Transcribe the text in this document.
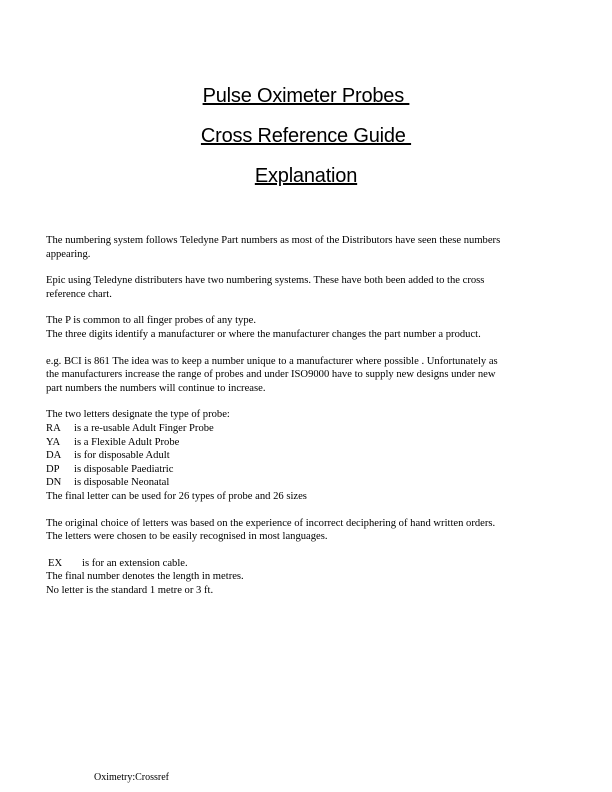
Pulse Oximeter Probes
Cross Reference Guide
Explanation
The numbering system follows Teledyne Part numbers as most of the Distributors have seen these numbers
appearing.
Epic using Teledyne distributers have two numbering systems. These have both been added to the cross
reference chart.
The P is common to all finger probes of any type.
The three digits identify a manufacturer or where the manufacturer changes the part number a product.
e.g. BCI is 861 The idea was to keep a number unique to a manufacturer where possible . Unfortunately as
the manufacturers increase the range of probes and under ISO9000 have to supply new designs under new
part numbers the numbers will continue to increase.
The two letters designate the type of probe:
RA is a re-usable Adult Finger Probe
YA is a Flexible Adult Probe
DA is for disposable Adult
DP is disposable Paediatric
DN is disposable Neonatal
The final letter can be used for 26 types of probe and 26 sizes
The original choice of letters was based on the experience of incorrect deciphering of hand written orders.
The letters were chosen to be easily recognised in most languages.
EX is for an extension cable.
The final number denotes the length in metres.
No letter is the standard 1 metre or 3 ft.
Oximetry:Crossref
